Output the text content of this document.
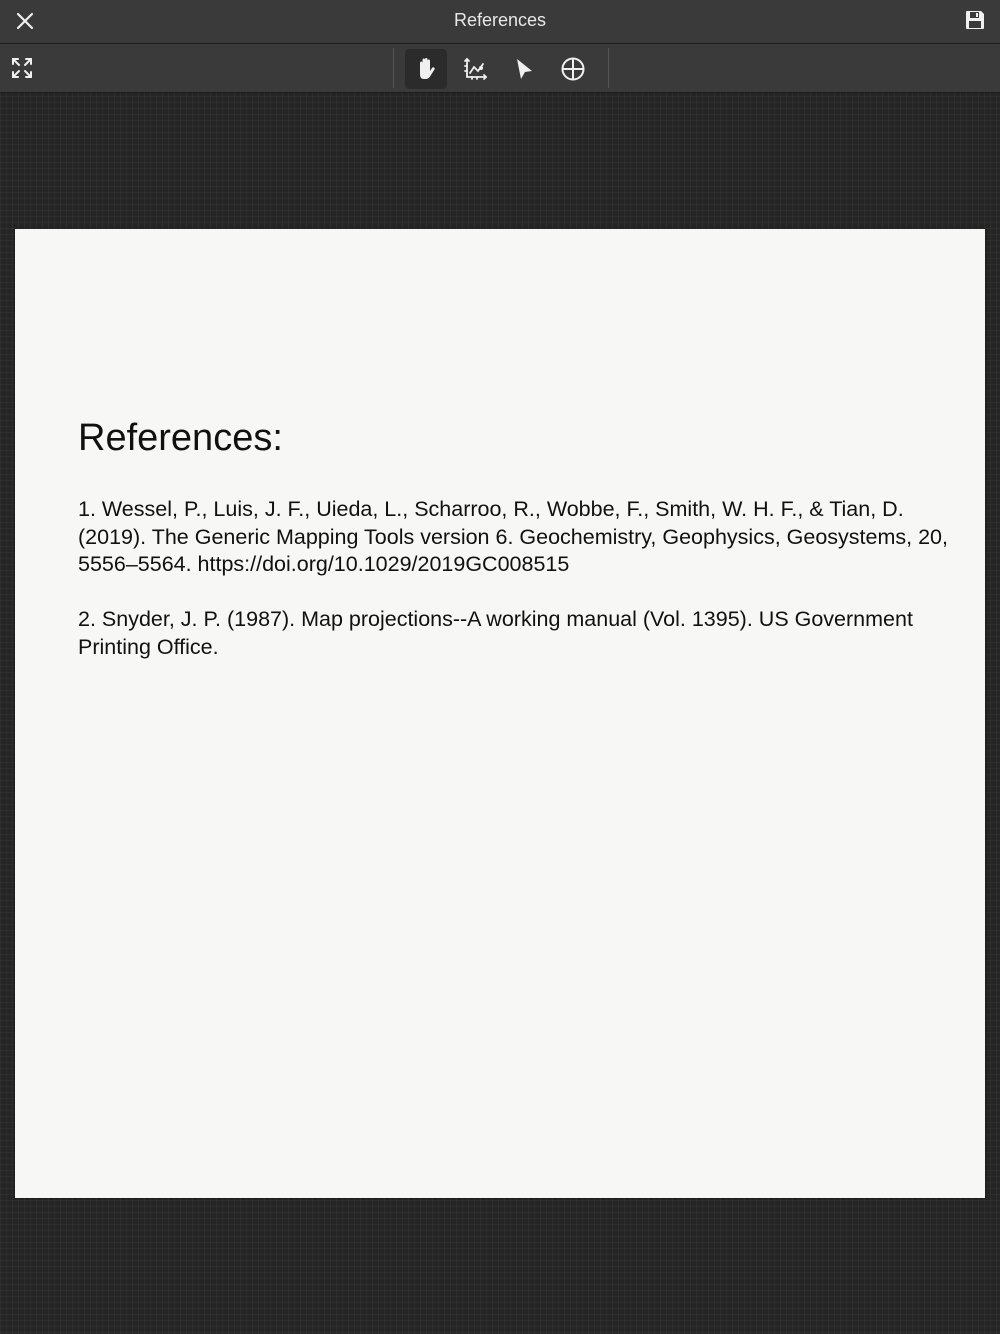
References
References:

1. Wessel, P., Luis, J. F., Uieda, L., Scharroo, R., Wobbe, F., Smith, W. H. F., & Tian, D. (2019). The Generic Mapping Tools version 6. Geochemistry, Geophysics, Geosystems, 20, 5556–5564. https://doi.org/10.1029/2019GC008515

2. Snyder, J. P. (1987). Map projections--A working manual (Vol. 1395). US Government Printing Office.
